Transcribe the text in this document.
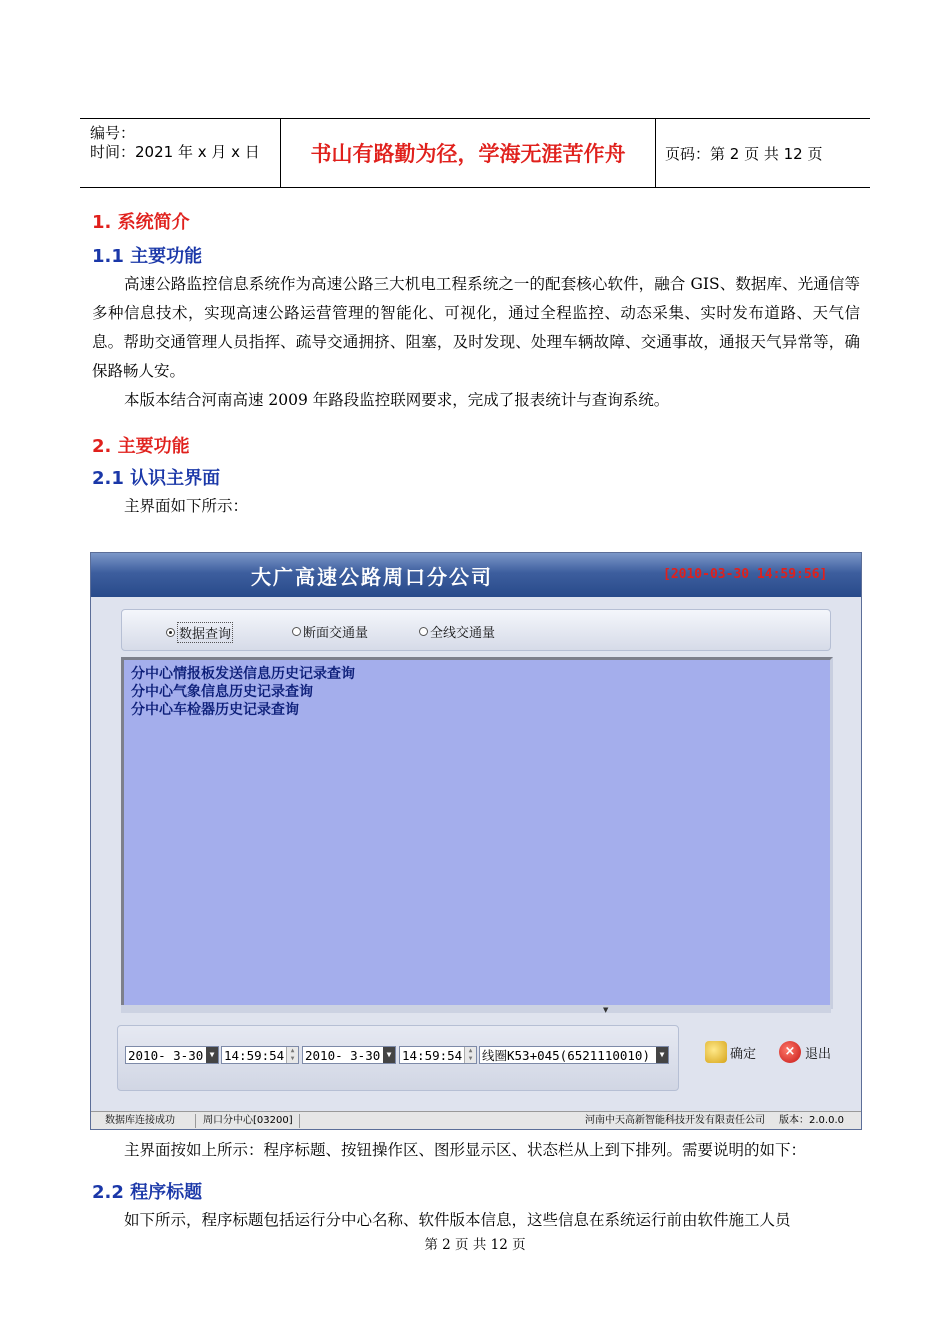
编号：
时间：2021 年 x 月 x 日 书山有路勤为径，学海无涯苦作舟	页码：第 2 页 共 12 页
1. 系统简介
1.1 主要功能
高速公路监控信息系统作为高速公路三大机电工程系统之一的配套核心软件，融合 GIS、数据库、光通信等多种信息技术，实现高速公路运营管理的智能化、可视化，通过全程监控、动态采集、实时发布道路、天气信息。帮助交通管理人员指挥、疏导交通拥挤、阻塞，及时发现、处理车辆故障、交通事故，通报天气异常等，确保路畅人安。
本版本结合河南高速 2009 年路段监控联网要求，完成了报表统计与查询系统。
2. 主要功能
2.1 认识主界面
主界面如下所示：
大广高速公路周口分公司	[2010-03-30 14:59:56]
数据查询	断面交通量	全线交通量
分中心情报板发送信息历史记录查询
分中心气象信息历史记录查询
分中心车检器历史记录查询
▼
2010- 3-30 ▼ 14:59:54	▲
▼ 2010- 3-30 ▼ 14:59:54	▲
▼ 线圈K53+045(6521110010)	▼	确定	× 退出
数据库连接成功	周口分中心[03200]	河南中天高新智能科技开发有限责任公司 版本：2.0.0.0
主界面按如上所示：程序标题、按钮操作区、图形显示区、状态栏从上到下排列。需要说明的如下：
2.2 程序标题
如下所示，程序标题包括运行分中心名称、软件版本信息，这些信息在系统运行前由软件施工人员
第 2 页 共 12 页
